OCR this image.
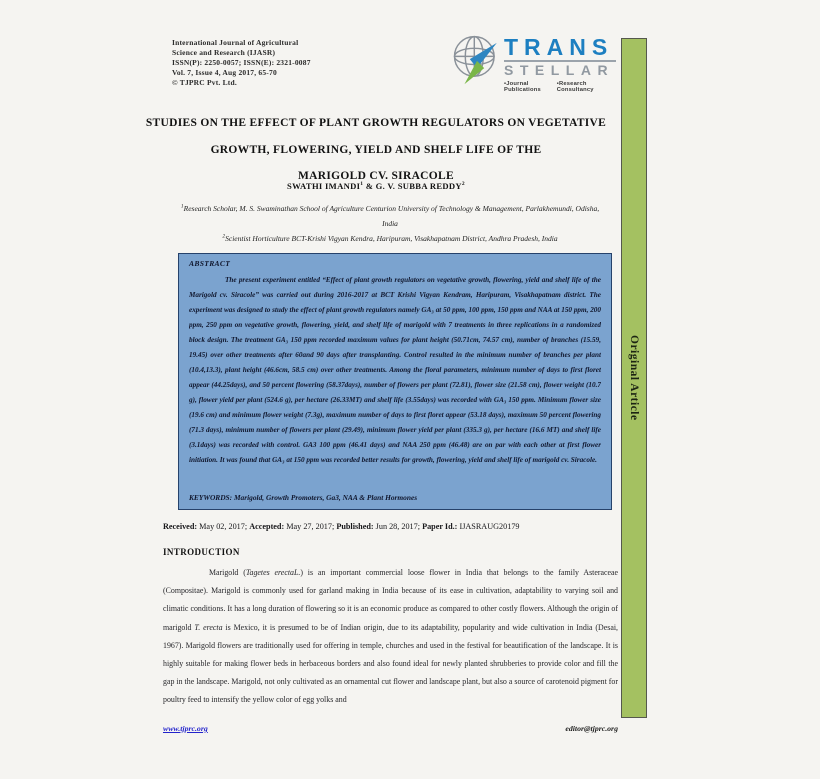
International Journal of Agricultural
Science and Research (IJASR)
ISSN(P): 2250-0057; ISSN(E): 2321-0087
Vol. 7, Issue 4, Aug 2017, 65-70
© TJPRC Pvt. Ltd.
TRANS
STELLAR
•Journal Publications
•Research Consultancy
Original Article
STUDIES ON THE EFFECT OF PLANT GROWTH REGULATORS ON VEGETATIVE
GROWTH, FLOWERING, YIELD AND SHELF LIFE OF THE
MARIGOLD CV. SIRACOLE
SWATHI IMANDI$^1$ & G. V. SUBBA REDDY$^2$

$^1$Research Scholar, M. S. Swaminathan School of Agriculture Centurion University of Technology & Management, Parlakhemundi, Odisha, India

$^2$Scientist Horticulture BCT-Krishi Vigyan Kendra, Haripuram, Visakhapatnam District, Andhra Pradesh, India

ABSTRACT

The present experiment entitled “Effect of plant growth regulators on vegetative growth, flowering, yield and shelf life of the Marigold cv. Siracole” was carried out during 2016-2017 at BCT Krishi Vigyan Kendram, Haripuram, Visakhapatnam district. The experiment was designed to study the effect of plant growth regulators namely GA₃ at 50 ppm, 100 ppm, 150 ppm and NAA at 150 ppm, 200 ppm, 250 ppm on vegetative growth, flowering, yield, and shelf life of marigold with 7 treatments in three replications in a randomized block design. The treatment GA₃ 150 ppm recorded maximum values for plant height (50.71cm, 74.57 cm), number of branches (15.59, 19.45) over other treatments after 60and 90 days after transplanting. Control resulted in the minimum number of branches per plant (10.4,13.3), plant height (46.6cm, 58.5 cm) over other treatments. Among the floral parameters, minimum number of days to first floret appear (44.25days), and 50 percent flowering (58.37days), number of flowers per plant (72.81), flower size (21.58 cm), flower weight (10.7 g), flower yield per plant (524.6 g), per hectare (26.33MT) and shelf life (3.55days) was recorded with GA₃ 150 ppm. Minimum flower size (19.6 cm) and minimum flower weight (7.3g), maximum number of days to first floret appear (53.18 days), maximum 50 percent flowering (71.3 days), minimum number of flowers per plant (29.49), minimum flower yield per plant (335.3 g), per hectare (16.6 MT) and shelf life (3.1days) was recorded with control. GA3 100 ppm (46.41 days) and NAA 250 ppm (46.48) are on par with each other at first flower initiation. It was found that GA₃ at 150 ppm was recorded better results for growth, flowering, yield and shelf life of marigold cv. Siracole.

KEYWORDS: Marigold, Growth Promoters, Ga3, NAA & Plant Hormones
Received: May 02, 2017; Accepted: May 27, 2017; Published: Jun 28, 2017; Paper Id.: IJASRAUG20179
INTRODUCTION

Marigold (Tagetes erectaL.) is an important commercial loose flower in India that belongs to the family Asteraceae (Compositae). Marigold is commonly used for garland making in India because of its ease in cultivation, adaptability to varying soil and climatic conditions. It has a long duration of flowering so it is an economic produce as compared to other costly flowers. Although the origin of marigold T. erecta is Mexico, it is presumed to be of Indian origin, due to its adaptability, popularity and wide cultivation in India (Desai, 1967). Marigold flowers are traditionally used for offering in temple, churches and used in the festival for beautification of the landscape. It is highly suitable for making flower beds in herbaceous borders and also found ideal for newly planted shrubberies to provide color and fill the gap in the landscape. Marigold, not only cultivated as an ornamental cut flower and landscape plant, but also a source of carotenoid pigment for poultry feed to intensify the yellow color of egg yolks and

www.tjprc.org	editor@tjprc.org
